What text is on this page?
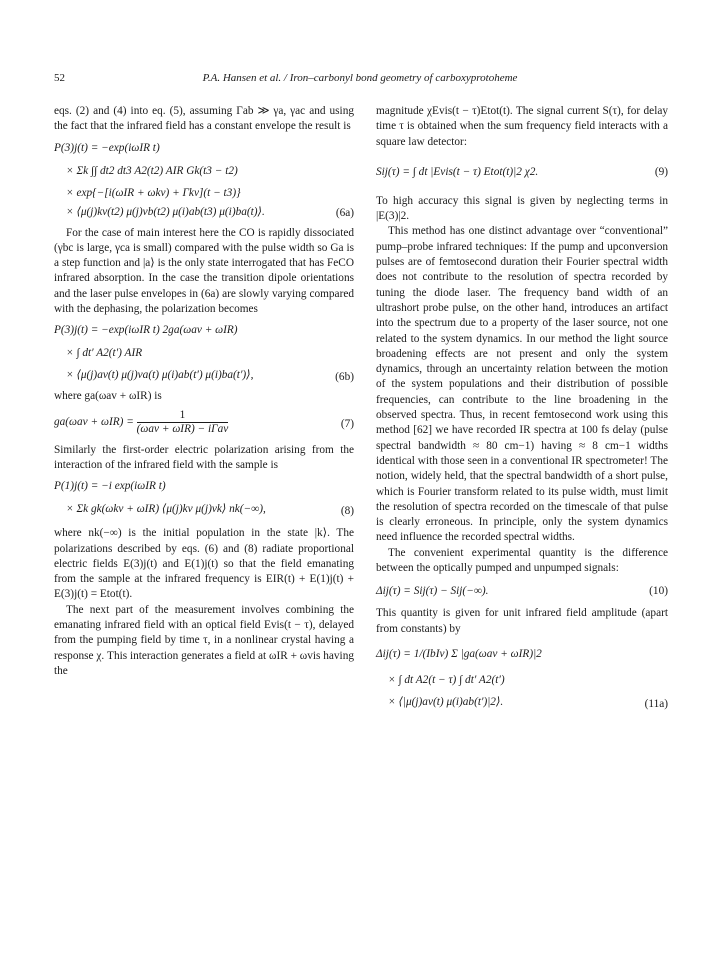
52	P.A. Hansen et al. / Iron–carbonyl bond geometry of carboxyprotoheme

eqs. (2) and (4) into eq. (5), assuming Γab ≫ γa, γac and using the fact that the infrared field has a constant envelope the result is

P(3)j(t) = −exp(iωIR t)
× Σk ∫∫ dt2 dt3 A2(t2) AIR Gk(t3 − t2)
× exp{−[i(ωIR + ωkv) + Γkv](t − t3)}
× ⟨μ(j)kv(t2) μ(j)vb(t2) μ(i)ab(t3) μ(i)ba(t)⟩.	(6a)

For the case of main interest here the CO is rapidly dissociated (γbc is large, γca is small) compared with the pulse width so Ga is a step function and |a⟩ is the only state interrogated that has FeCO infrared absorption. In the case the transition dipole orientations and the laser pulse envelopes in (6a) are slowly varying compared with the dephasing, the polarization becomes

P(3)j(t) = −exp(iωIR t) 2ga(ωav + ωIR)
× ∫ dt′ A2(t′) AIR
× ⟨μ(j)av(t) μ(j)va(t) μ(i)ab(t′) μ(i)ba(t′)⟩,	(6b)

where ga(ωav + ωIR) is

$ga(\omega av + \omega IR) = \frac{1}{\text{(ωav + ωIR) − iΓav}}$	(7)

Similarly the first-order electric polarization arising from the interaction of the infrared field with the sample is

P(1)j(t) = −i exp(iωIR t)
× Σk gk(ωkv + ωIR) ⟨μ(j)kv μ(j)vk⟩ nk(−∞),	(8)

where nk(−∞) is the initial population in the state |k⟩. The polarizations described by eqs. (6) and (8) radiate proportional electric fields E(3)j(t) and E(1)j(t) so that the field emanating from the sample at the infrared frequency is EIR(t) + E(1)j(t) + E(3)j(t) = Etot(t).

The next part of the measurement involves combining the emanating infrared field with an optical field Evis(t − τ), delayed from the pumping field by time τ, in a nonlinear crystal having a response χ. This interaction generates a field at ωIR + ωvis having the

magnitude χEvis(t − τ)Etot(t). The signal current S(τ), for delay time τ is obtained when the sum frequency field interacts with a square law detector:

Sij(τ) = ∫ dt |Evis(t − τ) Etot(t)|2 χ2.	(9)

To high accuracy this signal is given by neglecting terms in |E(3)|2.

This method has one distinct advantage over “conventional” pump–probe infrared techniques: If the pump and upconversion pulses are of femtosecond duration their Fourier spectral width does not contribute to the resolution of spectra recorded by tuning the diode laser. The frequency band width of an ultrashort probe pulse, on the other hand, introduces an artifact into the spectrum due to a property of the laser source, not one related to the system dynamics. In our method the light source broadening effects are not present and only the system dynamics, through an uncertainty relation between the motion of the system populations and their distribution of possible frequencies, can contribute to the line broadening in the observed spectra. Thus, in recent femtosecond work using this method [62] we have recorded IR spectra at 100 fs delay (pulse spectral bandwidth ≈ 80 cm−1) having ≈ 8 cm−1 widths identical with those seen in a conventional IR spectrometer! The notion, widely held, that the spectral bandwidth of a short pulse, which is Fourier transform related to its pulse width, must limit the resolution of spectra recorded on the timescale of that pulse is clearly erroneous. In principle, only the system dynamics need influence the recorded spectral widths.

The convenient experimental quantity is the difference between the optically pumped and unpumped signals:

Δij(τ) = Sij(τ) − Sij(−∞).	(10)

This quantity is given for unit infrared field amplitude (apart from constants) by

Δij(τ) = 1/(IbIv) Σ |ga(ωav + ωIR)|2
× ∫ dt A2(t − τ) ∫ dt′ A2(t′)
× ⟨|μ(j)av(t) μ(i)ab(t′)|2⟩.	(11a)
